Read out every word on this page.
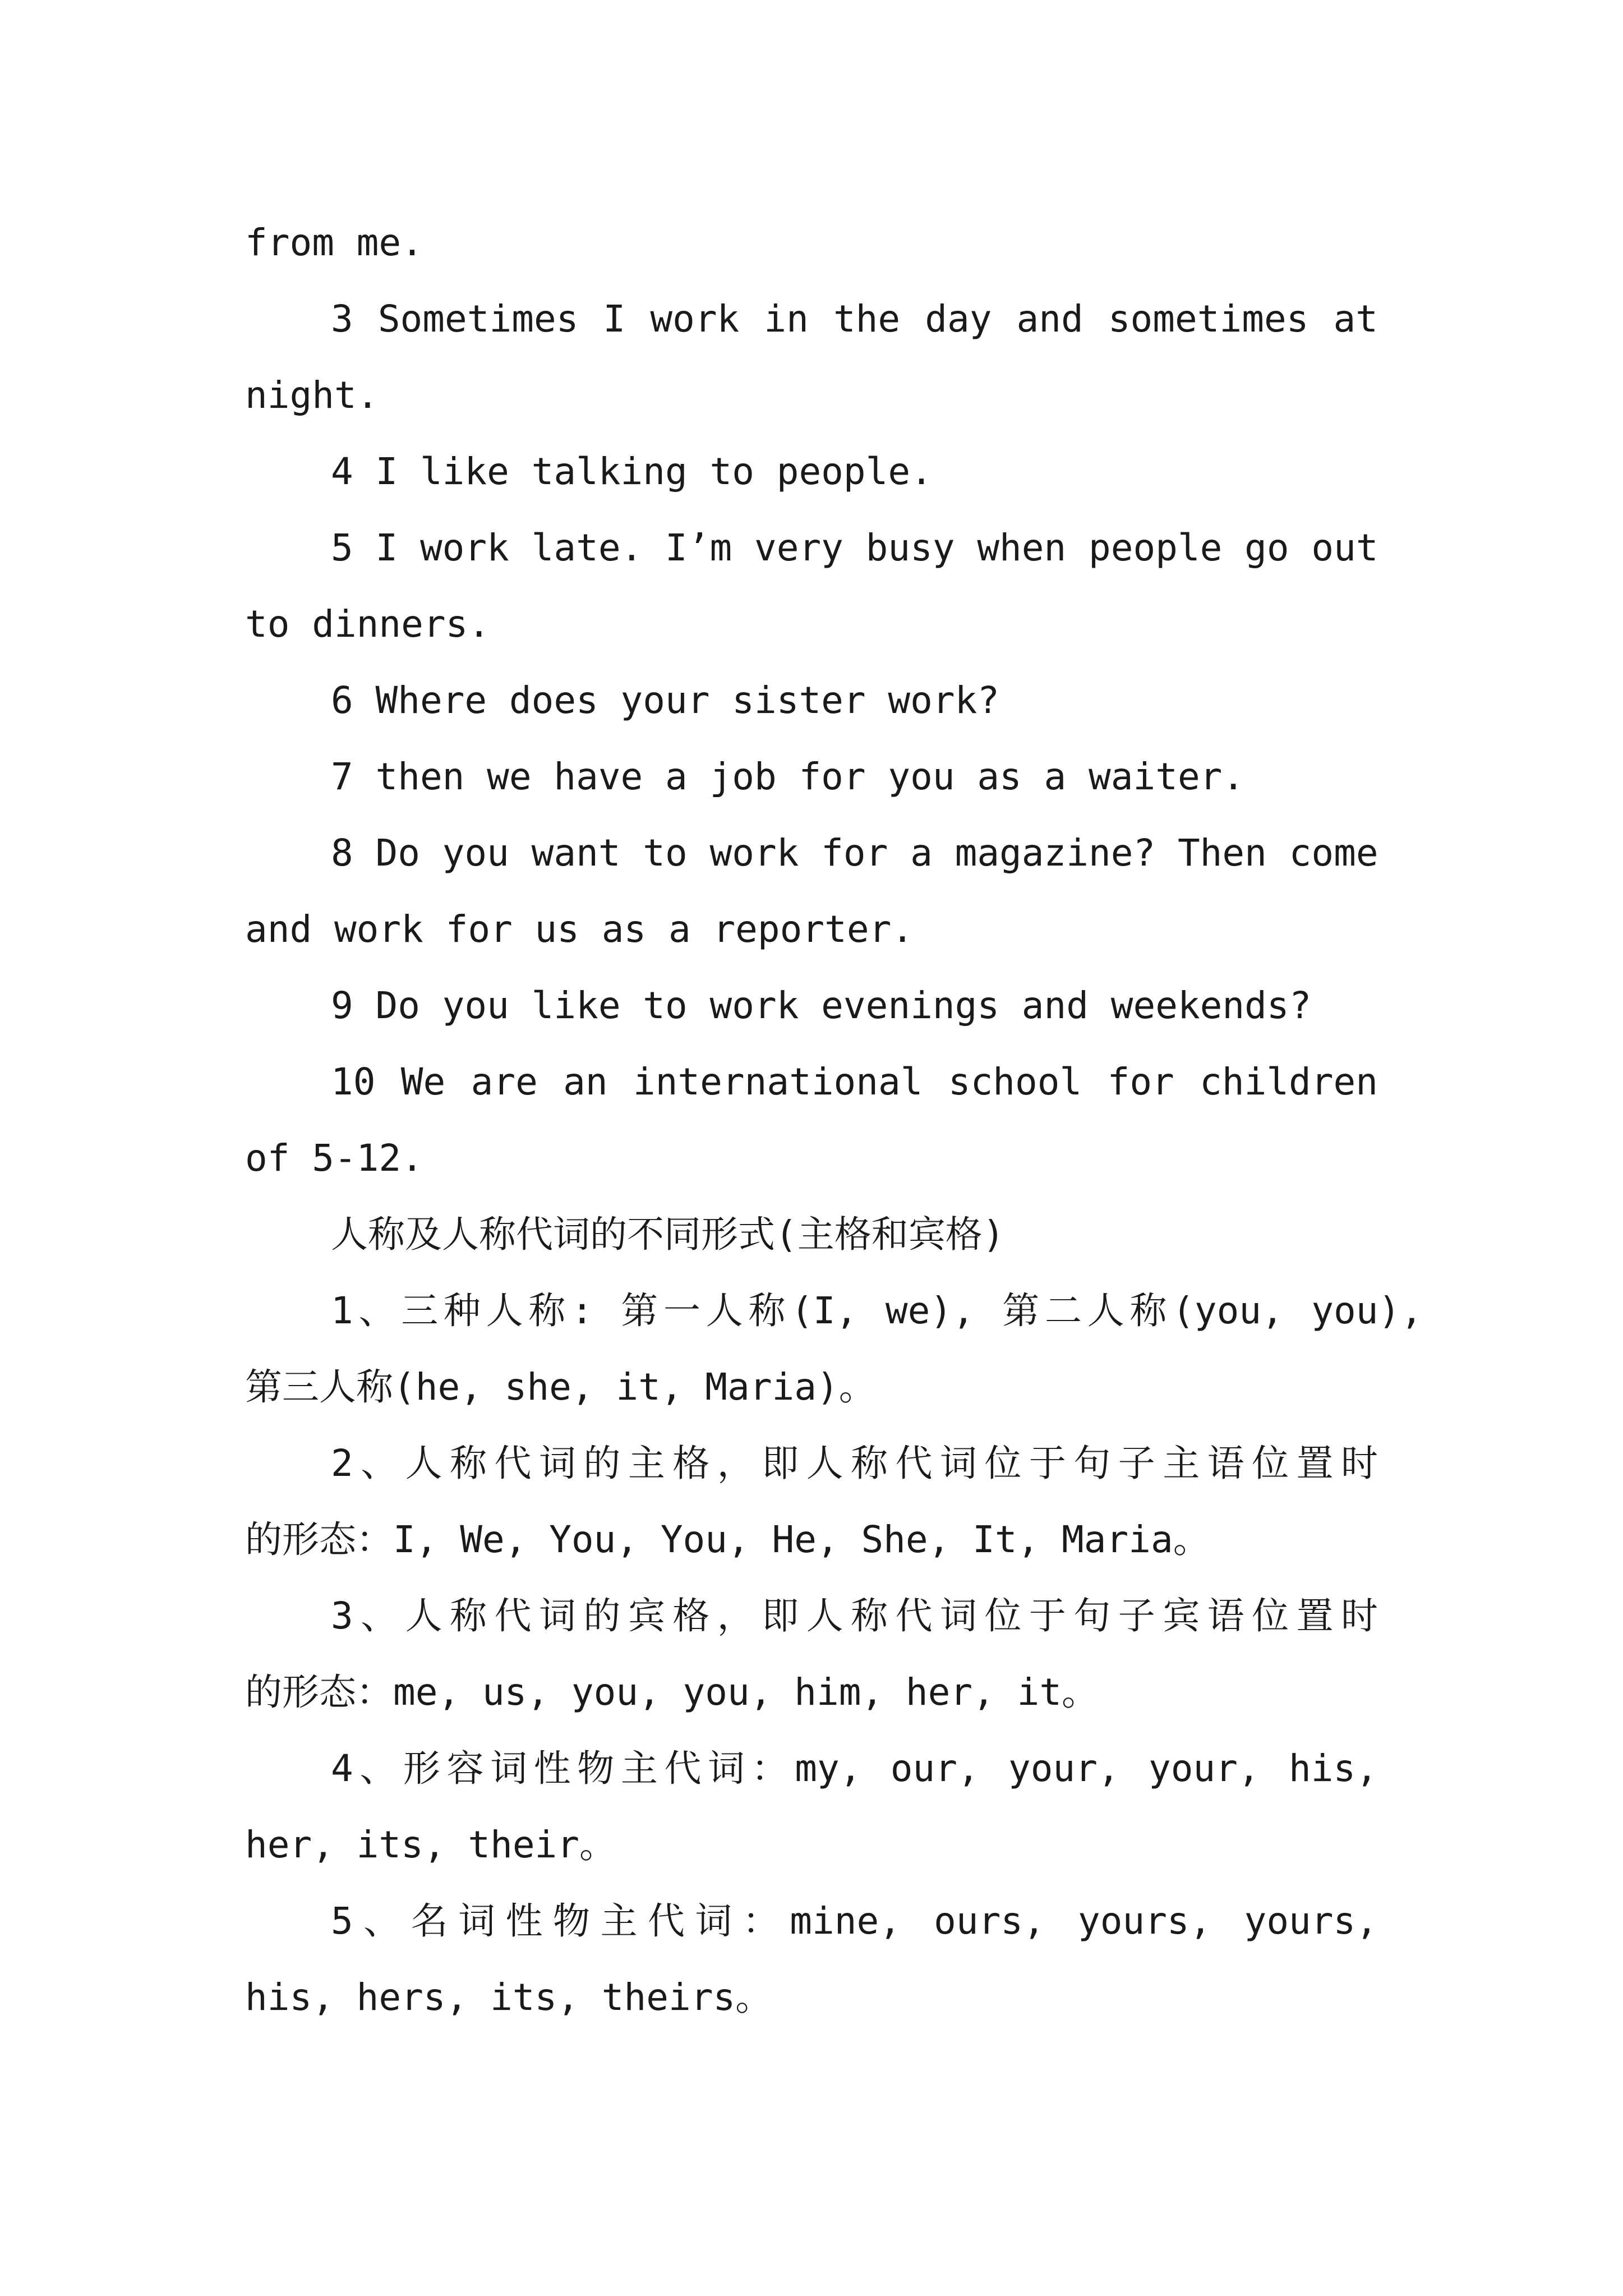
from me.
3 Sometimes I work in the day and sometimes at
night.
4 I like talking to people.
5 I work late. I’m very busy when people go out
to dinners.
6 Where does your sister work?
7 then we have a job for you as a waiter.
8 Do you want to work for a magazine? Then come
and work for us as a reporter.
9 Do you like to work evenings and weekends?
10 We are an international school for children
of 5-12.
人称及人称代词的不同形式(主格和宾格)
1、三种人称: 第一人称(I, we), 第二人称(you, you),
第三人称(he, she, it, Maria)。
2、人称代词的主格，即人称代词位于句子主语位置时
的形态：I, We, You, You, He, She, It, Maria。
3、人称代词的宾格，即人称代词位于句子宾语位置时
的形态：me, us, you, you, him, her, it。
4、形容词性物主代词：my, our, your, your, his,
her, its, their。
5、名词性物主代词：mine, ours, yours, yours,
his, hers, its, theirs。
